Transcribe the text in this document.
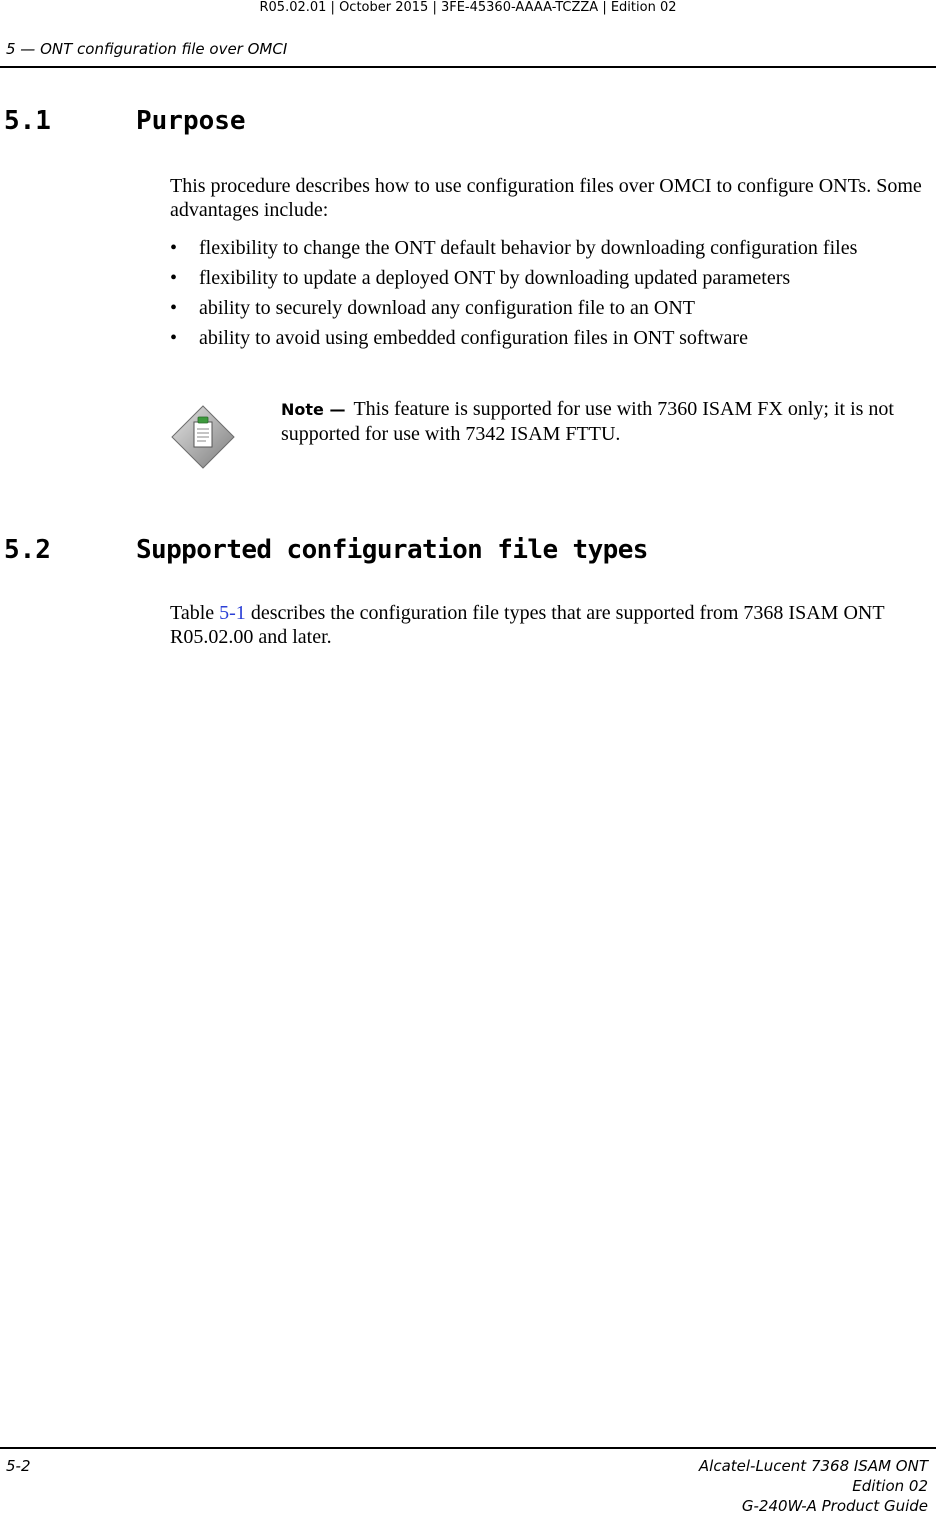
R05.02.01 | October 2015 | 3FE-45360-AAAA-TCZZA | Edition 02
5 — ONT configuration file over OMCI
5.1	Purpose
This procedure describes how to use configuration files over OMCI to configure ONTs. Some advantages include:
• flexibility to change the ONT default behavior by downloading configuration files
• flexibility to update a deployed ONT by downloading updated parameters
• ability to securely download any configuration file to an ONT
• ability to avoid using embedded configuration files in ONT software
Note — This feature is supported for use with 7360 ISAM FX only; it is not supported for use with 7342 ISAM FTTU.
5.2	Supported configuration file types
Table 5-1 describes the configuration file types that are supported from 7368 ISAM ONT R05.02.00 and later.
5-2	Alcatel-Lucent 7368 ISAM ONT
Edition 02
G-240W-A Product Guide
